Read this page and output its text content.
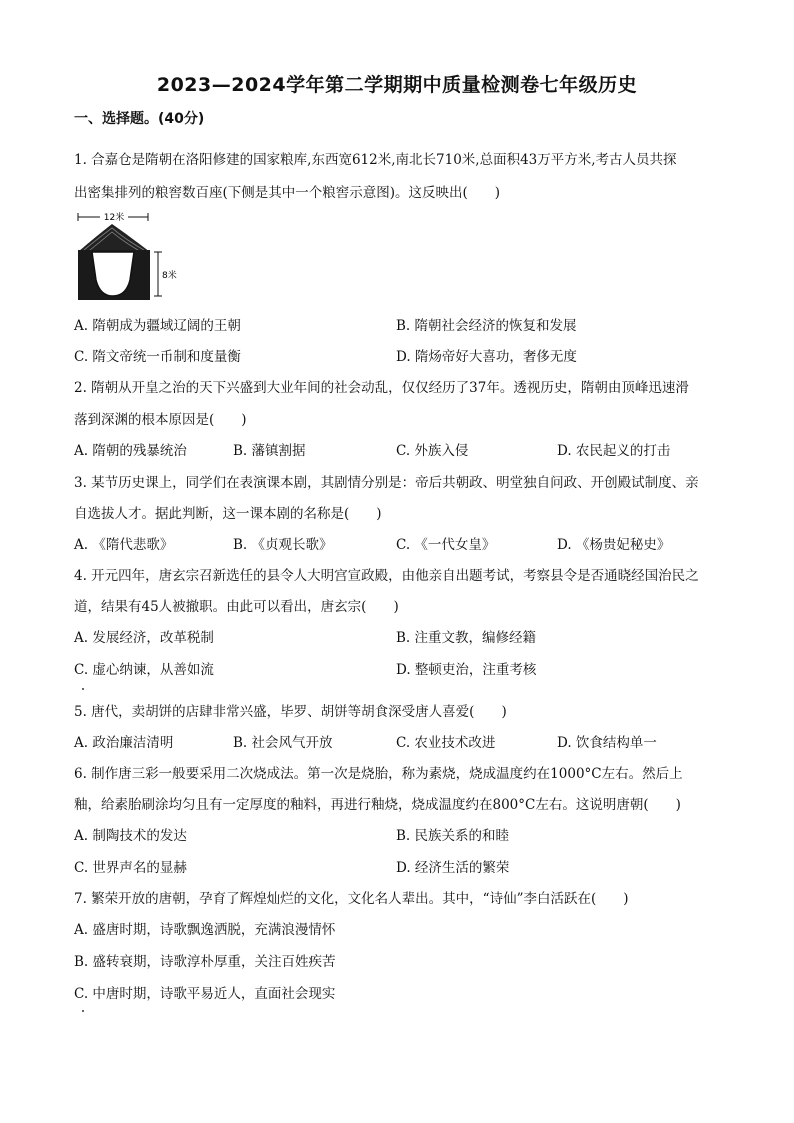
2023—2024学年第二学期期中质量检测卷七年级历史
一、选择题。(40分)
1. 合嘉仓是隋朝在洛阳修建的国家粮库,东西宽612米,南北长710米,总面积43万平方米,考古人员共探
出密集排列的粮窖数百座(下侧是其中一个粮窖示意图)。这反映出(　　)
12米
8米
A. 隋朝成为疆域辽阔的王朝	B. 隋朝社会经济的恢复和发展
C. 隋文帝统一币制和度量衡	D. 隋炀帝好大喜功，奢侈无度
2. 隋朝从开皇之治的天下兴盛到大业年间的社会动乱，仅仅经历了37年。透视历史，隋朝由顶峰迅速滑
落到深渊的根本原因是(　　)
A. 隋朝的残暴统治	B. 藩镇割据	C. 外族入侵	D. 农民起义的打击
3. 某节历史课上，同学们在表演课本剧，其剧情分别是：帝后共朝政、明堂独自问政、开创殿试制度、亲
自选拔人才。据此判断，这一课本剧的名称是(　　)
A. 《隋代悲歌》	B. 《贞观长歌》	C. 《一代女皇》	D. 《杨贵妃秘史》
4. 开元四年，唐玄宗召新选任的县令人大明宫宣政殿，由他亲自出题考试，考察县令是否通晓经国治民之
道，结果有45人被撤职。由此可以看出，唐玄宗(　　)
A. 发展经济，改革税制	B. 注重文教，编修经籍
C. 虚心纳谏，从善如流	D. 整顿吏治，注重考核
5. 唐代，卖胡饼的店肆非常兴盛，毕罗、胡饼等胡食深受唐人喜爱(　　)
A. 政治廉洁清明	B. 社会风气开放	C. 农业技术改进	D. 饮食结构单一
6. 制作唐三彩一般要采用二次烧成法。第一次是烧胎，称为素烧，烧成温度约在1000°C左右。然后上
釉，给素胎刷涂均匀且有一定厚度的釉料，再进行釉烧，烧成温度约在800°C左右。这说明唐朝(　　)
A. 制陶技术的发达	B. 民族关系的和睦
C. 世界声名的显赫	D. 经济生活的繁荣
7. 繁荣开放的唐朝，孕育了辉煌灿烂的文化，文化名人辈出。其中，“诗仙”李白活跃在(　　)
A. 盛唐时期，诗歌飘逸洒脱，充满浪漫情怀
B. 盛转衰期，诗歌淳朴厚重，关注百姓疾苦
C. 中唐时期，诗歌平易近人，直面社会现实
